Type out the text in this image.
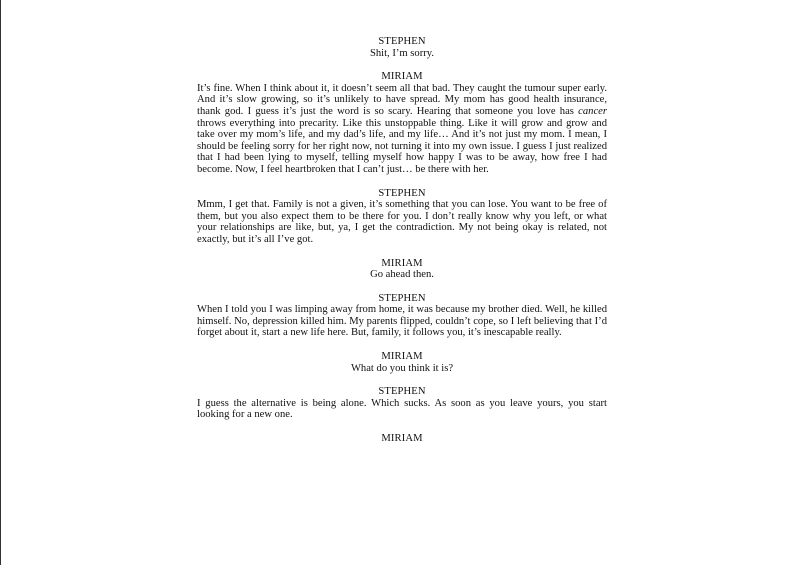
STEPHEN
Shit, I’m sorry.
MIRIAM
It’s fine. When I think about it, it doesn’t seem all that bad. They caught the tumour super early. And it’s slow growing, so it’s unlikely to have spread. My mom has good health insurance, thank god. I guess it’s just the word is so scary. Hearing that someone you love has cancer throws everything into precarity. Like this unstoppable thing. Like it will grow and grow and take over my mom’s life, and my dad’s life, and my life… And it’s not just my mom. I mean, I should be feeling sorry for her right now, not turning it into my own issue. I guess I just realized that I had been lying to myself, telling myself how happy I was to be away, how free I had become. Now, I feel heartbroken that I can’t just… be there with her.
STEPHEN
Mmm, I get that. Family is not a given, it’s something that you can lose. You want to be free of them, but you also expect them to be there for you. I don’t really know why you left, or what your relationships are like, but, ya, I get the contradiction. My not being okay is related, not exactly, but it’s all I’ve got.
MIRIAM
Go ahead then.
STEPHEN
When I told you I was limping away from home, it was because my brother died. Well, he killed himself. No, depression killed him. My parents flipped, couldn’t cope, so I left believing that I’d forget about it, start a new life here. But, family, it follows you, it’s inescapable really.
MIRIAM
What do you think it is?
STEPHEN
I guess the alternative is being alone. Which sucks. As soon as you leave yours, you start looking for a new one.
MIRIAM
